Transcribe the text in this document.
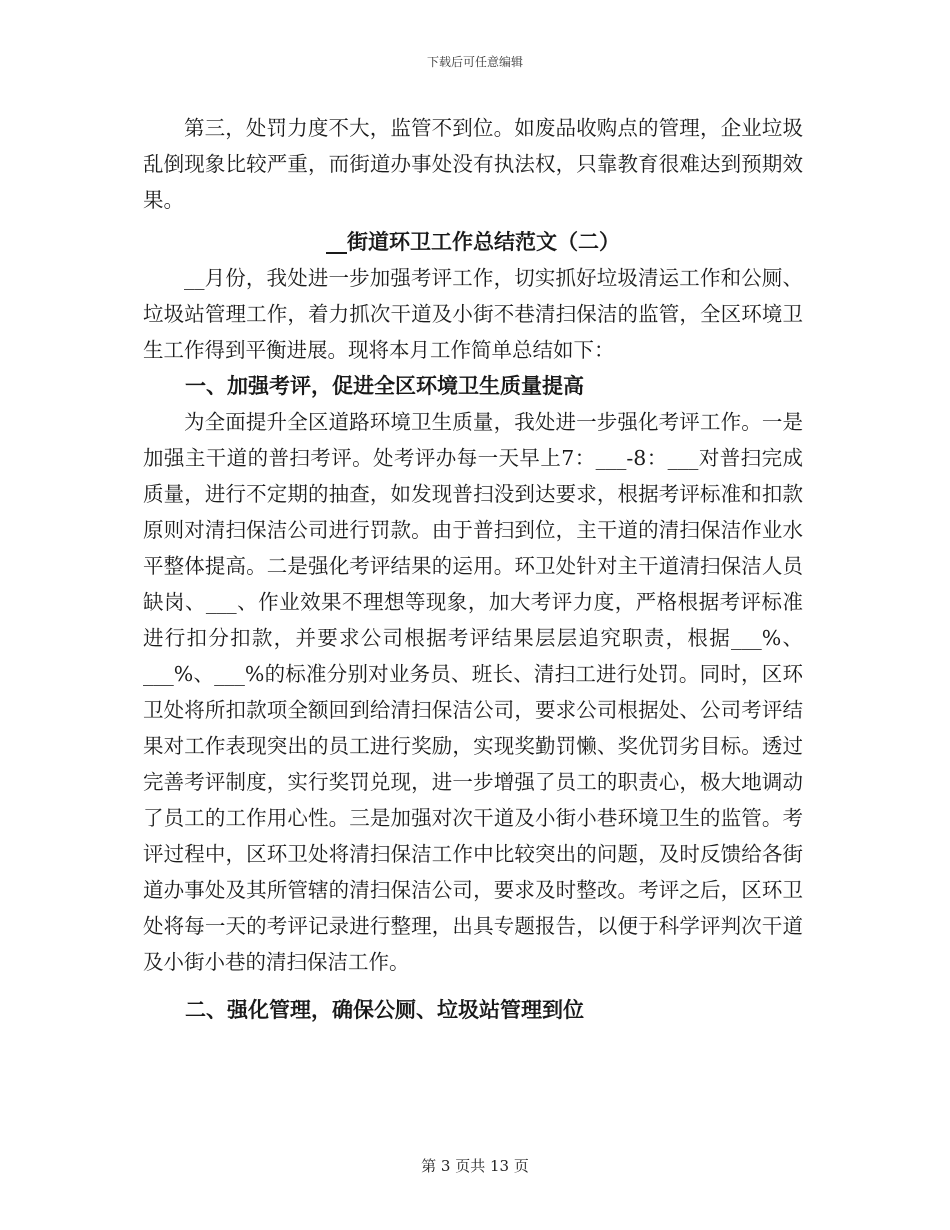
下载后可任意编辑

第三，处罚力度不大，监管不到位。如废品收购点的管理，企业垃圾乱倒现象比较严重，而街道办事处没有执法权，只靠教育很难达到预期效果。

__街道环卫工作总结范文（二）

__月份，我处进一步加强考评工作，切实抓好垃圾清运工作和公厕、垃圾站管理工作，着力抓次干道及小街不巷清扫保洁的监管，全区环境卫生工作得到平衡进展。现将本月工作简单总结如下：

一、加强考评，促进全区环境卫生质量提高

为全面提升全区道路环境卫生质量，我处进一步强化考评工作。一是加强主干道的普扫考评。处考评办每一天早上7：___-8：___对普扫完成质量，进行不定期的抽查，如发现普扫没到达要求，根据考评标准和扣款原则对清扫保洁公司进行罚款。由于普扫到位，主干道的清扫保洁作业水平整体提高。二是强化考评结果的运用。环卫处针对主干道清扫保洁人员缺岗、___、作业效果不理想等现象，加大考评力度，严格根据考评标准进行扣分扣款，并要求公司根据考评结果层层追究职责，根据___%、___%、___%的标准分别对业务员、班长、清扫工进行处罚。同时，区环卫处将所扣款项全额回到给清扫保洁公司，要求公司根据处、公司考评结果对工作表现突出的员工进行奖励，实现奖勤罚懒、奖优罚劣目标。透过完善考评制度，实行奖罚兑现，进一步增强了员工的职责心，极大地调动了员工的工作用心性。三是加强对次干道及小街小巷环境卫生的监管。考评过程中，区环卫处将清扫保洁工作中比较突出的问题，及时反馈给各街道办事处及其所管辖的清扫保洁公司，要求及时整改。考评之后，区环卫处将每一天的考评记录进行整理，出具专题报告，以便于科学评判次干道及小街小巷的清扫保洁工作。

二、强化管理，确保公厕、垃圾站管理到位

第 3 页共 13 页
